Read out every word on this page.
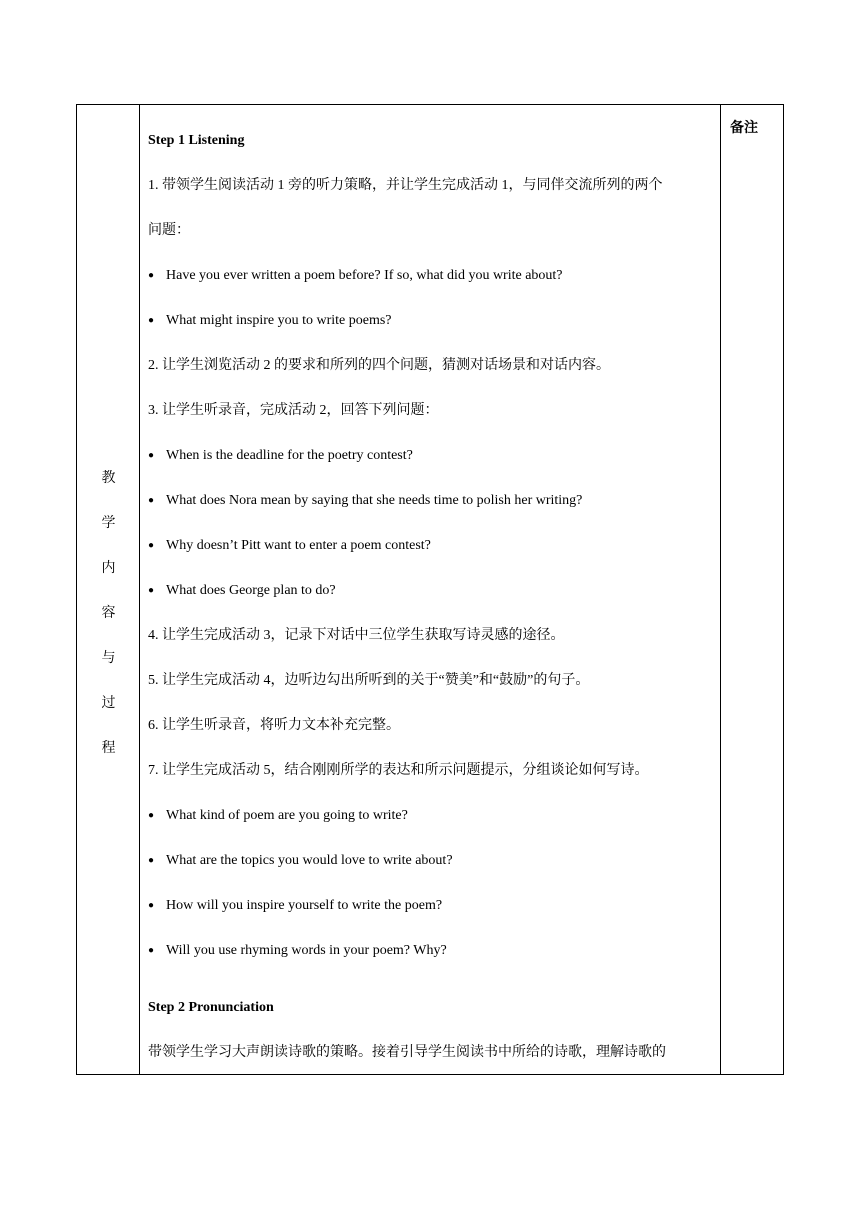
教
学
内
容
与
过
程
Step 1 Listening
1. 带领学生阅读活动 1 旁的听力策略，并让学生完成活动 1，与同伴交流所列的两个
问题：
● Have you ever written a poem before? If so, what did you write about?
● What might inspire you to write poems?
2. 让学生浏览活动 2 的要求和所列的四个问题，猜测对话场景和对话内容。
3. 让学生听录音，完成活动 2，回答下列问题：
● When is the deadline for the poetry contest?
● What does Nora mean by saying that she needs time to polish her writing?
● Why doesn’t Pitt want to enter a poem contest?
● What does George plan to do?
4. 让学生完成活动 3，记录下对话中三位学生获取写诗灵感的途径。
5. 让学生完成活动 4，边听边勾出所听到的关于“赞美”和“鼓励”的句子。
6. 让学生听录音，将听力文本补充完整。
7. 让学生完成活动 5，结合刚刚所学的表达和所示问题提示，分组谈论如何写诗。
● What kind of poem are you going to write?
● What are the topics you would love to write about?
● How will you inspire yourself to write the poem?
● Will you use rhyming words in your poem? Why?
Step 2 Pronunciation
带领学生学习大声朗读诗歌的策略。接着引导学生阅读书中所给的诗歌，理解诗歌的
备注
